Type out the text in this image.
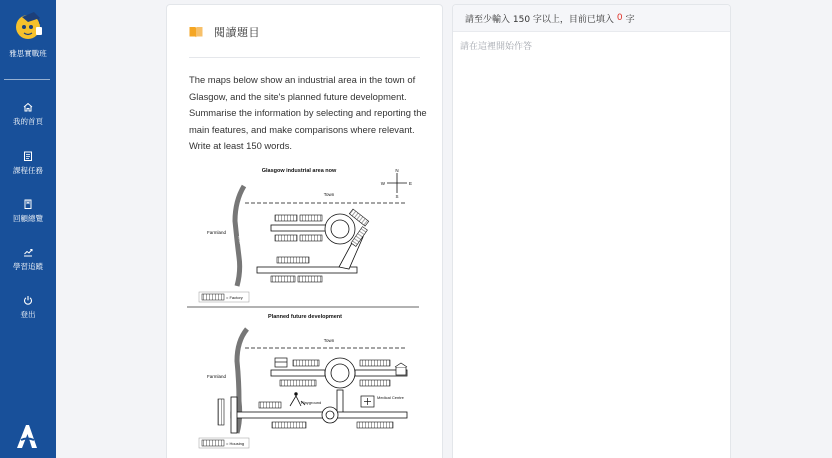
雅思實戰班
我的首頁
課程任務
回顧總覽
學習追蹤
登出
閱讀題目
The maps below show an industrial area in the town of Glasgow, and the site's planned future development. Summarise the information by selecting and reporting the main features, and make comparisons where relevant. Write at least 150 words.
Glasgow industrial area now	N
S
W	E
River
Town
Farmland
= Factory
Planned future development
Town
Farmland
Playground
Medical Centre
= Housing
請至少輸入 150 字以上，目前已填入 0 字
請在這裡開始作答
